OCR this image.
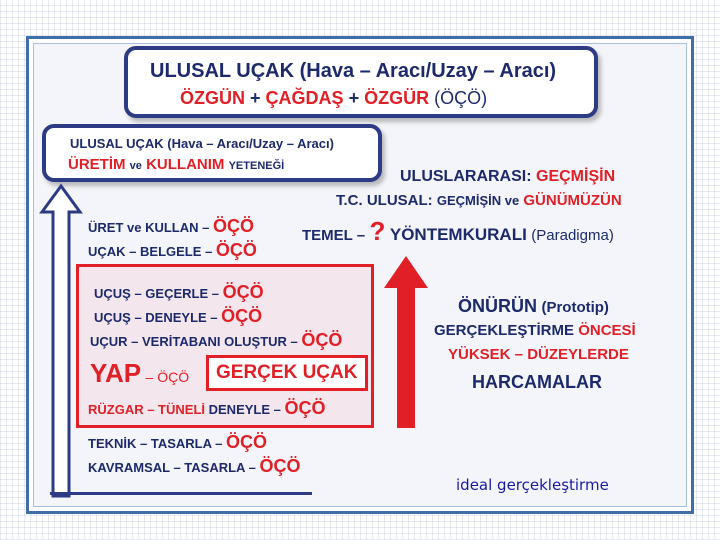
ULUSAL UÇAK (Hava – Aracı/Uzay – Aracı)
ÖZGÜN + ÇAĞDAŞ + ÖZGÜR (ÖÇÖ)
ULUSAL UÇAK (Hava – Aracı/Uzay – Aracı)
ÜRETİM ve KULLANIM YETENEĞİ
ÜRET ve KULLAN – ÖÇÖ
UÇAK – BELGELE – ÖÇÖ
UÇUŞ – GEÇERLE – ÖÇÖ
UÇUŞ – DENEYLE – ÖÇÖ
UÇUR – VERİTABANI OLUŞTUR – ÖÇÖ
YAP – ÖÇÖ GERÇEK UÇAK
RÜZGAR – TÜNELİ DENEYLE – ÖÇÖ
TEKNİK – TASARLA – ÖÇÖ
KAVRAMSAL – TASARLA – ÖÇÖ
ULUSLARARASI: GEÇMİŞİN
T.C. ULUSAL: GEÇMİŞİN ve GÜNÜMÜZÜN
TEMEL – ? YÖNTEMKURALI (Paradigma)
ÖNÜRÜN (Prototip)
GERÇEKLEŞTİRME ÖNCESİ
YÜKSEK – DÜZEYLERDE
HARCAMALAR
ideal gerçekleştirme
